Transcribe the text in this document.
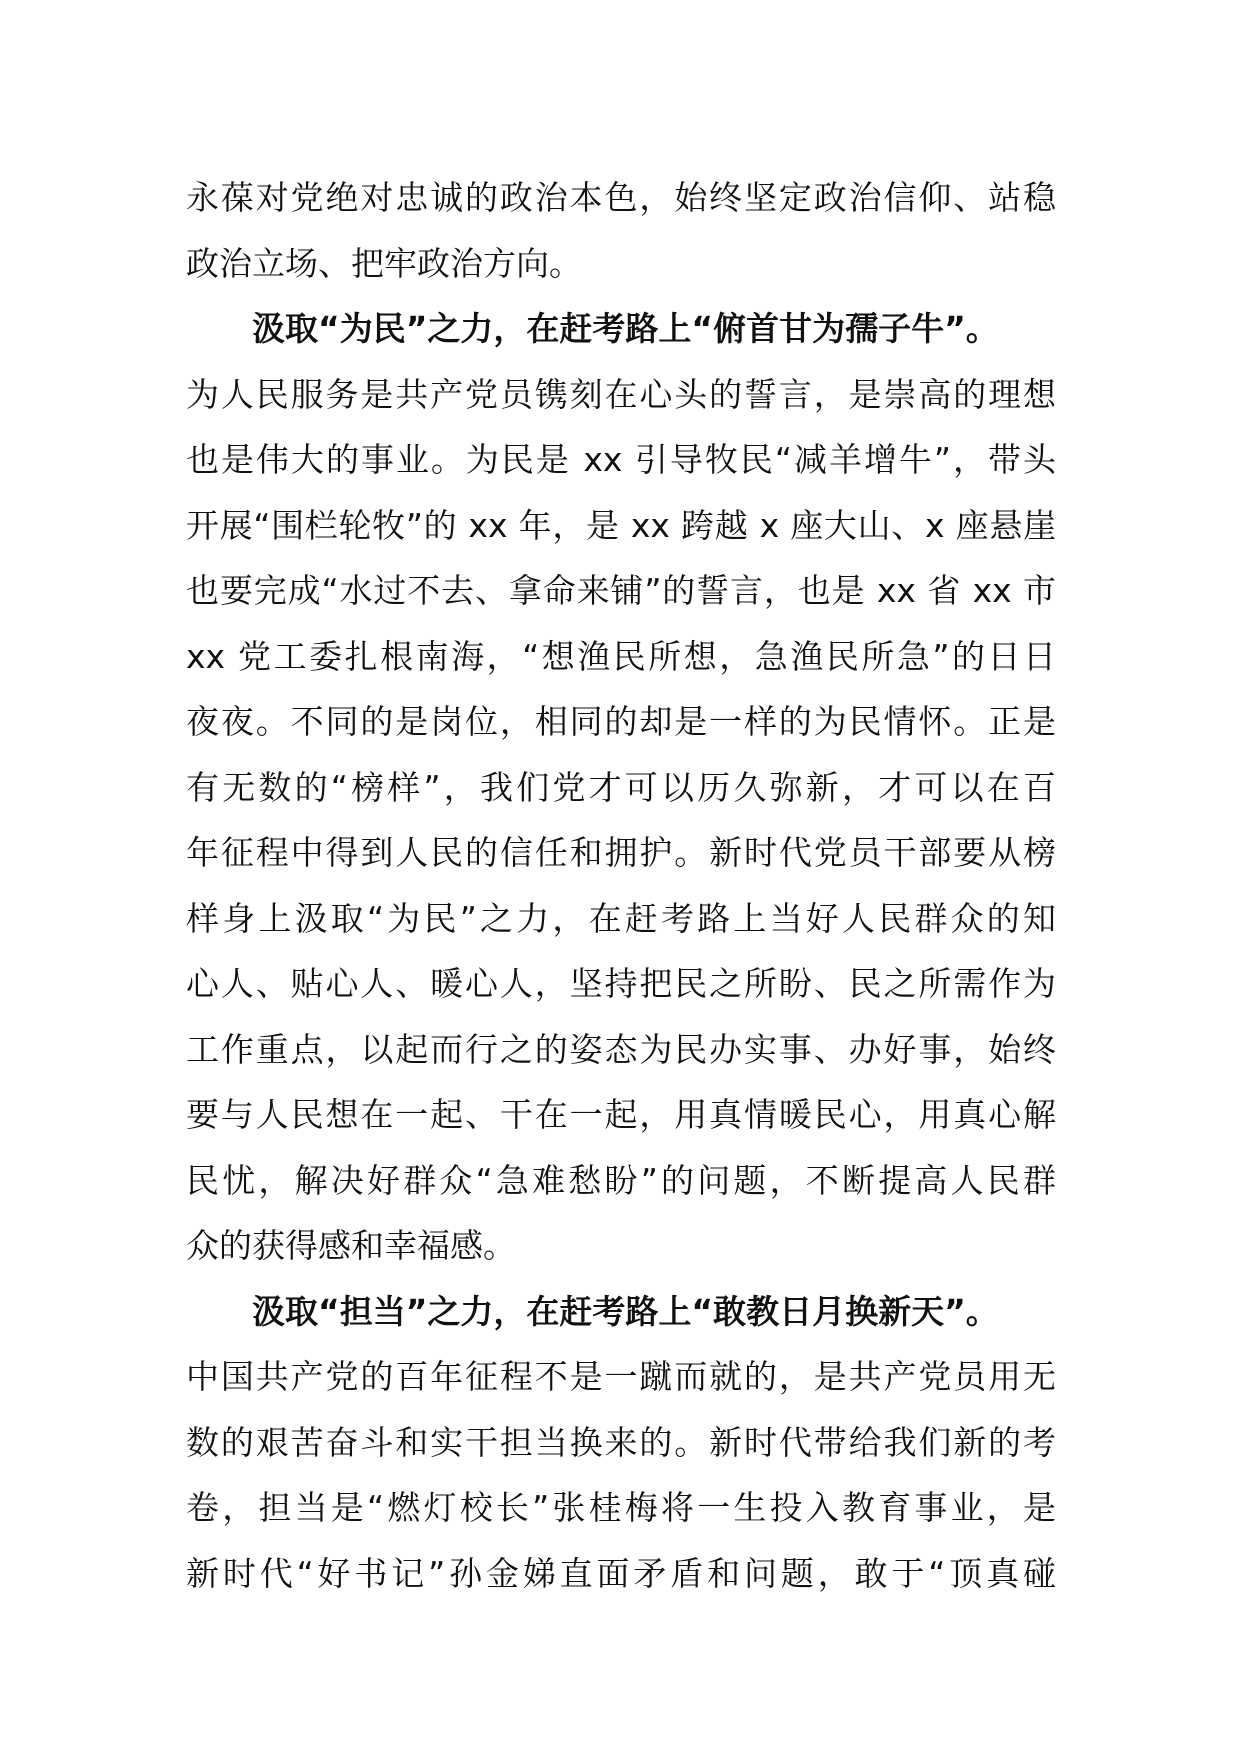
永葆对党绝对忠诚的政治本色，始终坚定政治信仰、站稳
政治立场、把牢政治方向。
汲取“为民”之力，在赶考路上“俯首甘为孺子牛”。
为人民服务是共产党员镌刻在心头的誓言，是崇高的理想
也是伟大的事业。为民是 xx 引导牧民“减羊增牛”，带头
开展“围栏轮牧”的 xx 年，是 xx 跨越 x 座大山、x 座悬崖
也要完成“水过不去、拿命来铺”的誓言，也是 xx 省 xx 市
xx 党工委扎根南海，“想渔民所想，急渔民所急”的日日
夜夜。不同的是岗位，相同的却是一样的为民情怀。正是
有无数的“榜样”，我们党才可以历久弥新，才可以在百
年征程中得到人民的信任和拥护。新时代党员干部要从榜
样身上汲取“为民”之力，在赶考路上当好人民群众的知
心人、贴心人、暖心人，坚持把民之所盼、民之所需作为
工作重点，以起而行之的姿态为民办实事、办好事，始终
要与人民想在一起、干在一起，用真情暖民心，用真心解
民忧，解决好群众“急难愁盼”的问题，不断提高人民群
众的获得感和幸福感。
汲取“担当”之力，在赶考路上“敢教日月换新天”。
中国共产党的百年征程不是一蹴而就的，是共产党员用无
数的艰苦奋斗和实干担当换来的。新时代带给我们新的考
卷，担当是“燃灯校长”张桂梅将一生投入教育事业，是
新时代“好书记”孙金娣直面矛盾和问题，敢于“顶真碰
